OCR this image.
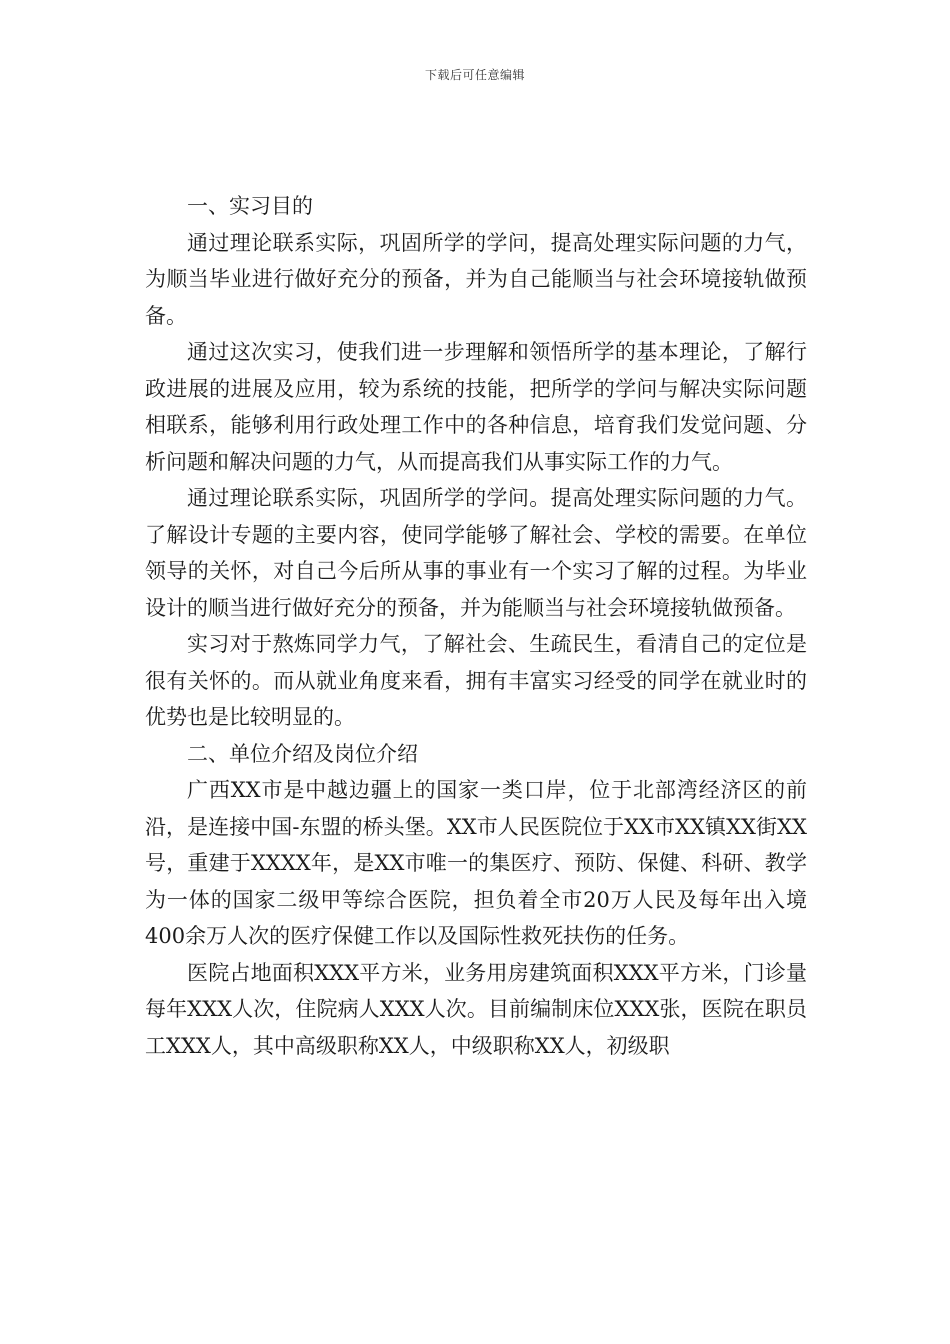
下载后可任意编辑

一、实习目的

通过理论联系实际，巩固所学的学问，提高处理实际问题的力气，为顺当毕业进行做好充分的预备，并为自己能顺当与社会环境接轨做预备。

通过这次实习，使我们进一步理解和领悟所学的基本理论，了解行政进展的进展及应用，较为系统的技能，把所学的学问与解决实际问题相联系，能够利用行政处理工作中的各种信息，培育我们发觉问题、分析问题和解决问题的力气，从而提高我们从事实际工作的力气。

通过理论联系实际，巩固所学的学问。提高处理实际问题的力气。了解设计专题的主要内容，使同学能够了解社会、学校的需要。在单位领导的关怀，对自己今后所从事的事业有一个实习了解的过程。为毕业设计的顺当进行做好充分的预备，并为能顺当与社会环境接轨做预备。

实习对于熬炼同学力气，了解社会、生疏民生，看清自己的定位是很有关怀的。而从就业角度来看，拥有丰富实习经受的同学在就业时的优势也是比较明显的。

二、单位介绍及岗位介绍

广西XX市是中越边疆上的国家一类口岸，位于北部湾经济区的前沿，是连接中国-东盟的桥头堡。XX市人民医院位于XX市XX镇XX街XX号，重建于XXXX年，是XX市唯一的集医疗、预防、保健、科研、教学为一体的国家二级甲等综合医院，担负着全市20万人民及每年出入境400余万人次的医疗保健工作以及国际性救死扶伤的任务。

医院占地面积XXX平方米，业务用房建筑面积XXX平方米，门诊量每年XXX人次，住院病人XXX人次。目前编制床位XXX张，医院在职员工XXX人，其中高级职称XX人，中级职称XX人，初级职
